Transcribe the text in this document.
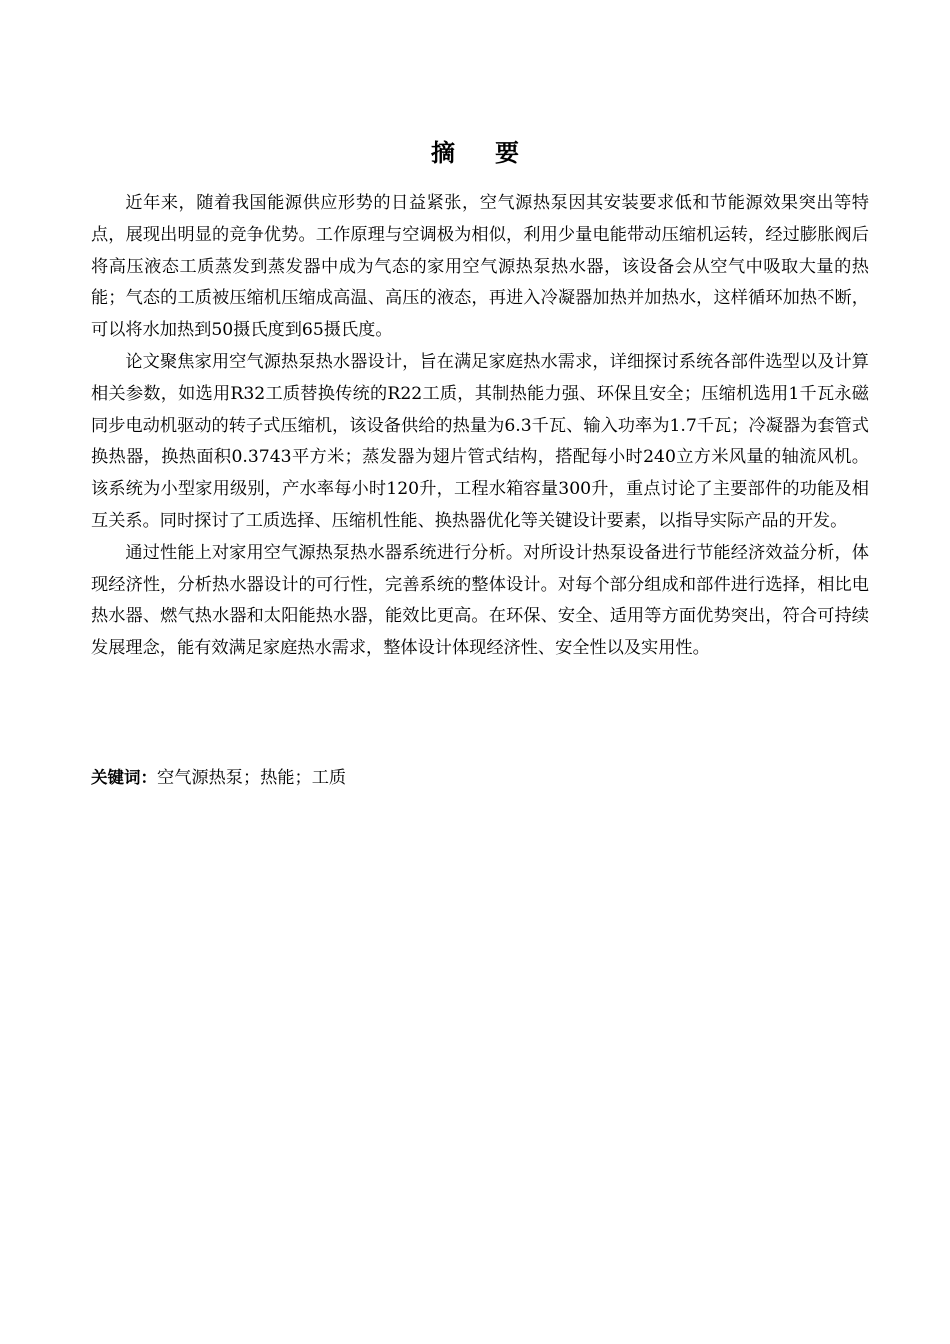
摘 要

近年来，随着我国能源供应形势的日益紧张，空气源热泵因其安装要求低和节能源效果突出等特点，展现出明显的竞争优势。工作原理与空调极为相似，利用少量电能带动压缩机运转，经过膨胀阀后将高压液态工质蒸发到蒸发器中成为气态的家用空气源热泵热水器，该设备会从空气中吸取大量的热能；气态的工质被压缩机压缩成高温、高压的液态，再进入冷凝器加热并加热水，这样循环加热不断，可以将水加热到50摄氏度到65摄氏度。

论文聚焦家用空气源热泵热水器设计，旨在满足家庭热水需求，详细探讨系统各部件选型以及计算相关参数，如选用R32工质替换传统的R22工质，其制热能力强、环保且安全；压缩机选用1千瓦永磁同步电动机驱动的转子式压缩机，该设备供给的热量为6.3千瓦、输入功率为1.7千瓦；冷凝器为套管式换热器，换热面积0.3743平方米；蒸发器为翅片管式结构，搭配每小时240立方米风量的轴流风机。该系统为小型家用级别，产水率每小时120升，工程水箱容量300升，重点讨论了主要部件的功能及相互关系。同时探讨了工质选择、压缩机性能、换热器优化等关键设计要素，以指导实际产品的开发。

通过性能上对家用空气源热泵热水器系统进行分析。对所设计热泵设备进行节能经济效益分析，体现经济性，分析热水器设计的可行性，完善系统的整体设计。对每个部分组成和部件进行选择，相比电热水器、燃气热水器和太阳能热水器，能效比更高。在环保、安全、适用等方面优势突出，符合可持续发展理念，能有效满足家庭热水需求，整体设计体现经济性、安全性以及实用性。

关键词：空气源热泵；热能；工质
